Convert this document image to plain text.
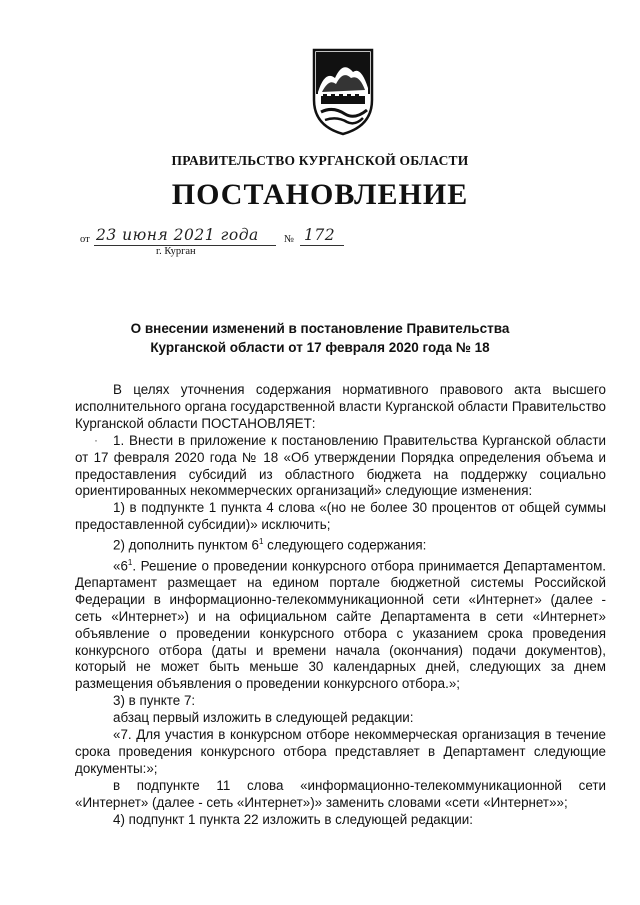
ПРАВИТЕЛЬСТВО КУРГАНСКОЙ ОБЛАСТИ
ПОСТАНОВЛЕНИЕ
от 23 июня 2021 года № 172
г. Курган
О внесении изменений в постановление Правительства
Курганской области от 17 февраля 2020 года № 18
·

В целях уточнения содержания нормативного правового акта высшего исполнительного органа государственной власти Курганской области Правительство Курганской области ПОСТАНОВЛЯЕТ:

1. Внести в приложение к постановлению Правительства Курганской области от 17 февраля 2020 года № 18 «Об утверждении Порядка определения объема и предоставления субсидий из областного бюджета на поддержку социально ориентированных некоммерческих организаций» следующие изменения:

1) в подпункте 1 пункта 4 слова «(но не более 30 процентов от общей суммы предоставленной субсидии)» исключить;

2) дополнить пунктом $6^1$ следующего содержания:

«$6^1$. Решение о проведении конкурсного отбора принимается Департаментом. Департамент размещает на едином портале бюджетной системы Российской Федерации в информационно-телекоммуникационной сети «Интернет» (далее - сеть «Интернет») и на официальном сайте Департамента в сети «Интернет» объявление о проведении конкурсного отбора с указанием срока проведения конкурсного отбора (даты и времени начала (окончания) подачи документов), который не может быть меньше 30 календарных дней, следующих за днем размещения объявления о проведении конкурсного отбора.»;

3) в пункте 7:

абзац первый изложить в следующей редакции:

«7. Для участия в конкурсном отборе некоммерческая организация в течение срока проведения конкурсного отбора представляет в Департамент следующие документы:»;

в подпункте 11 слова «информационно-телекоммуникационной сети «Интернет» (далее - сеть «Интернет»)» заменить словами «сети «Интернет»»;

4) подпункт 1 пункта 22 изложить в следующей редакции:
